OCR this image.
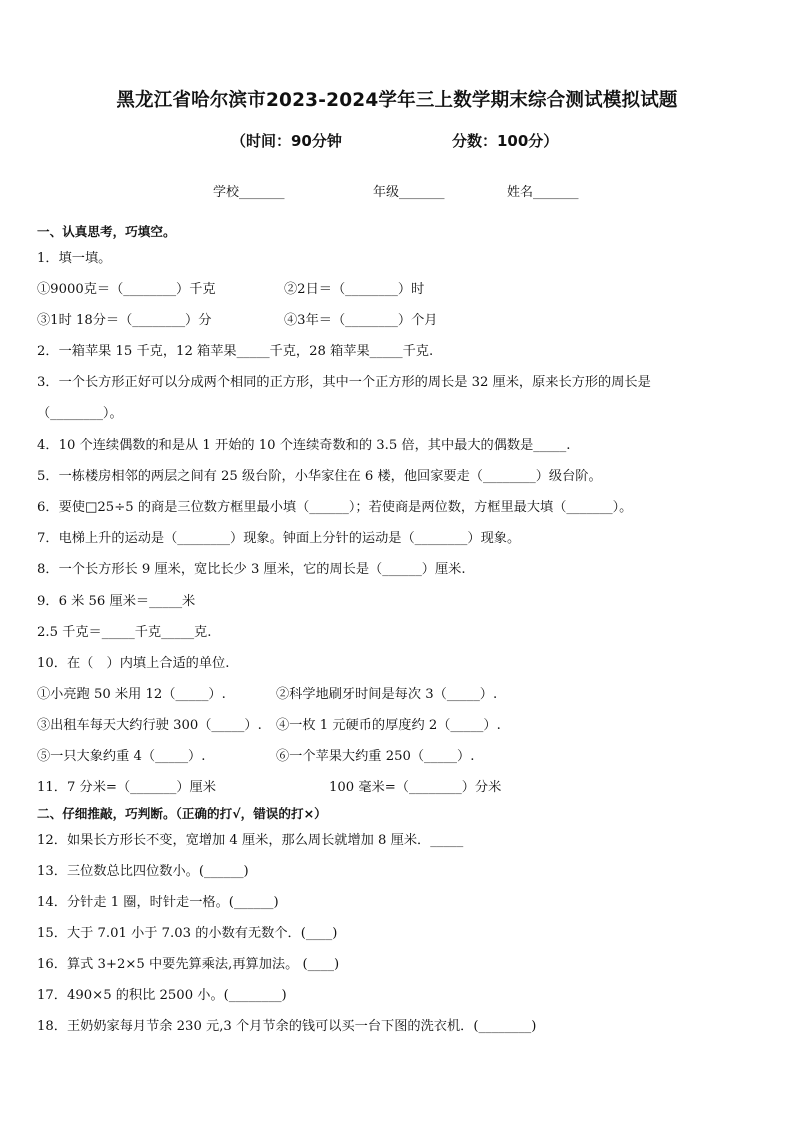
黑龙江省哈尔滨市2023-2024学年三上数学期末综合测试模拟试题
（时间：90分钟	分数：100分）
学校_______	年级_______	姓名_______
一、认真思考，巧填空。
1．填一填。
①9000克＝（________）千克	②2日＝（________）时
③1时 18分＝（________）分	④3年＝（________）个月
2．一箱苹果 15 千克，12 箱苹果_____千克，28 箱苹果_____千克.
3．一个长方形正好可以分成两个相同的正方形，其中一个正方形的周长是 32 厘米，原来长方形的周长是
（________）。
4．10 个连续偶数的和是从 1 开始的 10 个连续奇数和的 3.5 倍，其中最大的偶数是_____.
5．一栋楼房相邻的两层之间有 25 级台阶，小华家住在 6 楼，他回家要走（________）级台阶。
6．要使□25÷5 的商是三位数方框里最小填（______）；若使商是两位数，方框里最大填（_______）。
7．电梯上升的运动是（________）现象。钟面上分针的运动是（________）现象。
8．一个长方形长 9 厘米，宽比长少 3 厘米，它的周长是（______）厘米.
9．6 米 56 厘米＝_____米
2.5 千克＝_____千克_____克.
10．在（　）内填上合适的单位.
①小亮跑 50 米用 12（_____）.	②科学地刷牙时间是每次 3（_____）.
③出租车每天大约行驶 300（_____）. ④一枚 1 元硬币的厚度约 2（_____）.
⑤一只大象约重 4（_____）.	⑥一个苹果大约重 250（_____）.
11．7 分米=（_______）厘米	100 毫米=（________）分米
二、仔细推敲，巧判断。（正确的打√，错误的打×）
12．如果长方形长不变，宽增加 4 厘米，那么周长就增加 8 厘米．_____
13．三位数总比四位数小。(______)
14．分针走 1 圈，时针走一格。(______)
15．大于 7.01 小于 7.03 的小数有无数个．(____)
16．算式 3+2×5 中要先算乘法,再算加法。 (____)
17．490×5 的积比 2500 小。(________)
18．王奶奶家每月节余 230 元,3 个月节余的钱可以买一台下图的洗衣机．(________)
